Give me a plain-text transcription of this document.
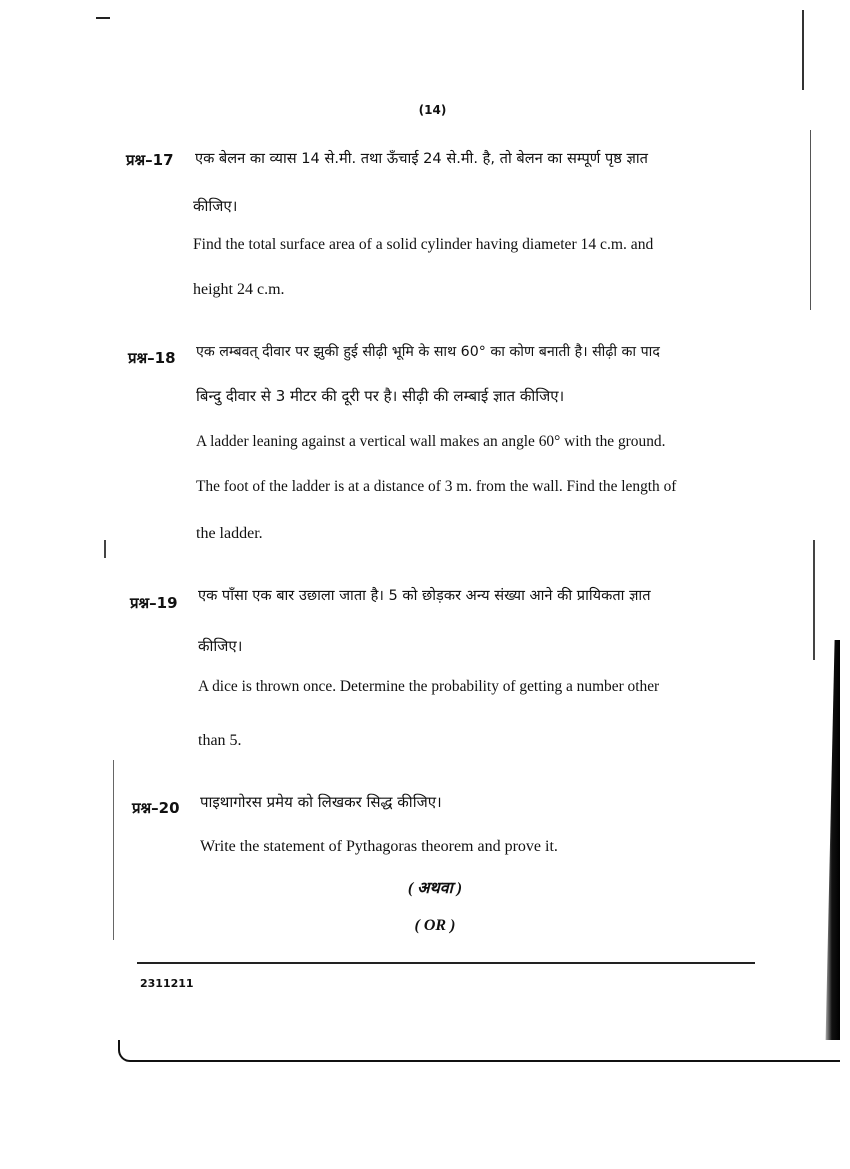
(14)
प्रश्न–17 एक बेलन का व्यास 14 से.मी. तथा ऊँचाई 24 से.मी. है, तो बेलन का सम्पूर्ण पृष्ठ ज्ञात
कीजिए।
Find the total surface area of a solid cylinder having diameter 14 c.m. and
height 24 c.m.
प्रश्न–18 एक लम्बवत् दीवार पर झुकी हुई सीढ़ी भूमि के साथ 60° का कोण बनाती है। सीढ़ी का पाद
बिन्दु दीवार से 3 मीटर की दूरी पर है। सीढ़ी की लम्बाई ज्ञात कीजिए।
A ladder leaning against a vertical wall makes an angle 60° with the ground.
The foot of the ladder is at a distance of 3 m. from the wall. Find the length of
the ladder.
प्रश्न–19 एक पाँसा एक बार उछाला जाता है। 5 को छोड़कर अन्य संख्या आने की प्रायिकता ज्ञात
कीजिए।
A dice is thrown once. Determine the probability of getting a number other
than 5.
प्रश्न–20 पाइथागोरस प्रमेय को लिखकर सिद्ध कीजिए।
Write the statement of Pythagoras theorem and prove it.
( अथवा )
( OR )
2311211
